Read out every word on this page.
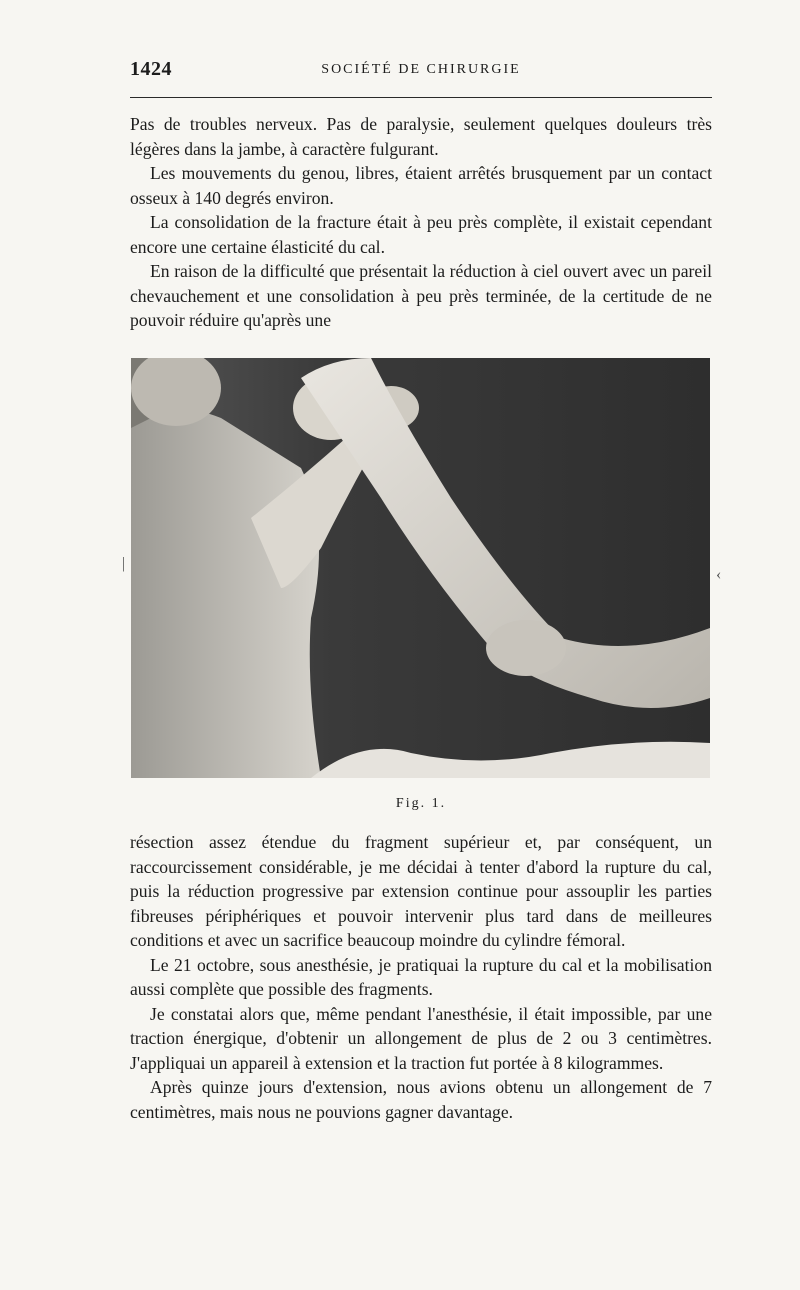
1424	SOCIÉTÉ DE CHIRURGIE

Pas de troubles nerveux. Pas de paralysie, seulement quelques douleurs très légères dans la jambe, à caractère fulgurant.

Les mouvements du genou, libres, étaient arrêtés brusquement par un contact osseux à 140 degrés environ.

La consolidation de la fracture était à peu près complète, il existait cependant encore une certaine élasticité du cal.

En raison de la difficulté que présentait la réduction à ciel ouvert avec un pareil chevauchement et une consolidation à peu près terminée, de la certitude de ne pouvoir réduire qu'après une

|
‹
Fig. 1.

résection assez étendue du fragment supérieur et, par conséquent, un raccourcissement considérable, je me décidai à tenter d'abord la rupture du cal, puis la réduction progressive par extension continue pour assouplir les parties fibreuses périphériques et pouvoir intervenir plus tard dans de meilleures conditions et avec un sacrifice beaucoup moindre du cylindre fémoral.

Le 21 octobre, sous anesthésie, je pratiquai la rupture du cal et la mobilisation aussi complète que possible des fragments.

Je constatai alors que, même pendant l'anesthésie, il était impossible, par une traction énergique, d'obtenir un allongement de plus de 2 ou 3 centimètres. J'appliquai un appareil à extension et la traction fut portée à 8 kilogrammes.

Après quinze jours d'extension, nous avions obtenu un allongement de 7 centimètres, mais nous ne pouvions gagner davantage.
